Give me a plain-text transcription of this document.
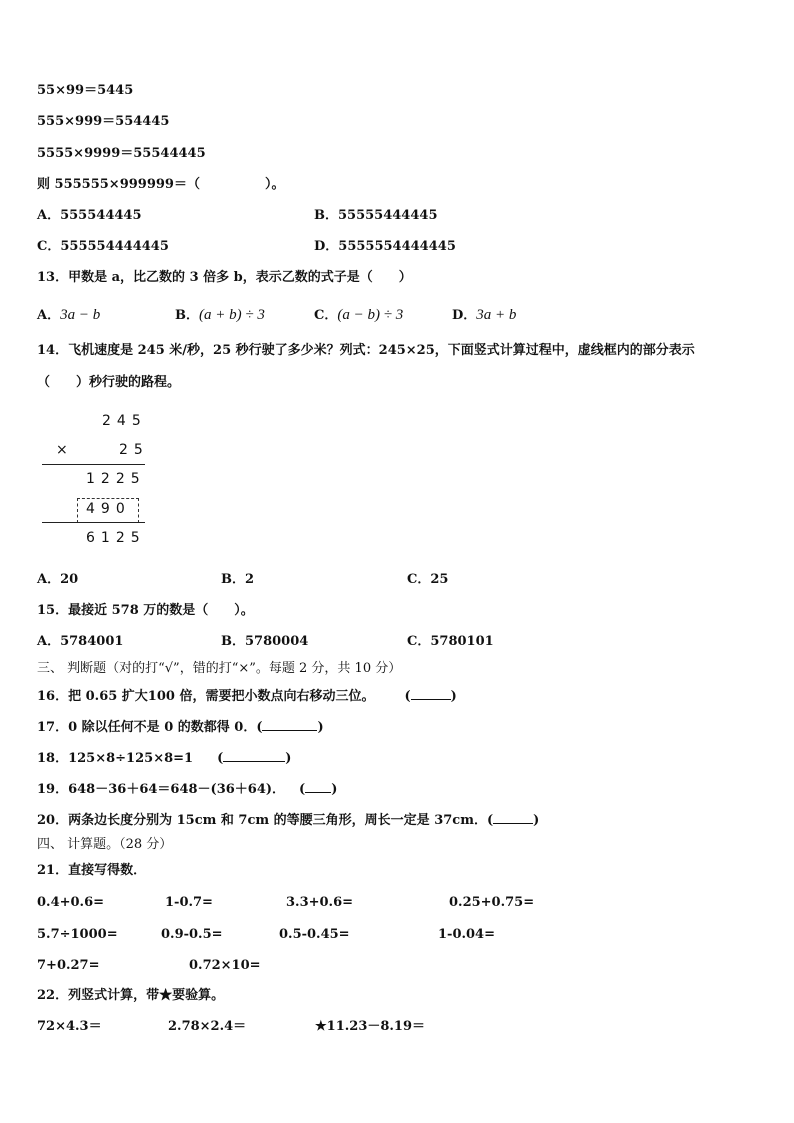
55×99＝5445
555×999＝554445
5555×9999＝55544445
则 555555×999999＝（　　　　　）。
A．555544445	B．55555444445
C．555554444445	D．5555554444445
13．甲数是 a，比乙数的 3 倍多 b，表示乙数的式子是（　　）
A．3a − b	B．(a + b) ÷ 3	C．(a − b) ÷ 3	D．3a + b
14．飞机速度是 245 米/秒，25 秒行驶了多少米？列式：245×25，下面竖式计算过程中，虚线框内的部分表示
（　　）秒行驶的路程。
245
×	25
1225
490
6125
A．20	B．2	C．25
15．最接近 578 万的数是（　　）。
A．5784001	B．5780004	C．5780101
三、 判断题（对的打“√”，错的打“×”。每题 2 分，共 10 分）
16．把 0.65 扩大100 倍，需要把小数点向右移动三位。 (	)
17．0 除以任何不是 0 的数都得 0．(	)
18．125×8÷125×8=1 (	)
19．648－36＋64＝648－(36＋64)． ( )
20．两条边长度分别为 15cm 和 7cm 的等腰三角形，周长一定是 37cm．(	)
四、 计算题。（28 分）
21．直接写得数．
0.4+0.6=	1-0.7=	3.3+0.6=	0.25+0.75=
5.7÷1000=	0.9-0.5=	0.5-0.45=	1-0.04=
7+0.27=	0.72×10=
22．列竖式计算，带★要验算。
72×4.3＝	2.78×2.4＝	★11.23－8.19＝
